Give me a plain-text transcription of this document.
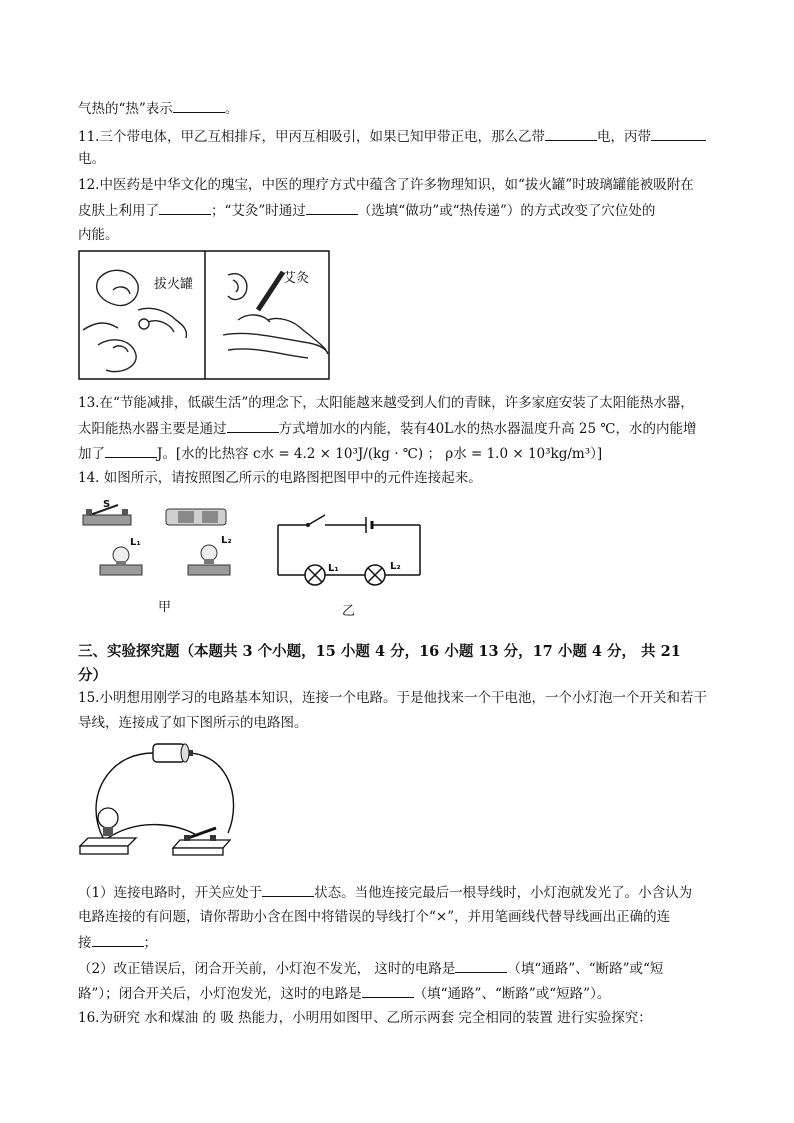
气热的“热”表示	。
11.三个带电体，甲乙互相排斥，甲丙互相吸引，如果已知甲带正电，那么乙带	电，丙带
电。
12.中医药是中华文化的瑰宝，中医的理疗方式中蕴含了许多物理知识，如“拔火罐”时玻璃罐能被吸附在
皮肤上利用了	；“艾灸”时通过	（选填“做功”或“热传递”）的方式改变了穴位处的
内能。
拔火罐	艾灸
13.在“节能减排，低碳生活”的理念下，太阳能越来越受到人们的青睐，许多家庭安装了太阳能热水器，
太阳能热水器主要是通过	方式增加水的内能，装有40L水的热水器温度升高 25 ℃，水的内能增
加了	J。[水的比热容 c水 = 4.2 × 10³J/(kg · ℃) ； ρ水 = 1.0 × 10³kg/m³）]
14. 如图所示，请按照图乙所示的电路图把图甲中的元件连接起来。
S
L₁	L₂
甲
L₁	L₂
乙
三、实验探究题（本题共 3 个小题，15 小题 4 分，16 小题 13 分，17 小题 4 分， 共 21
分）
15.小明想用刚学习的电路基本知识，连接一个电路。于是他找来一个干电池，一个小灯泡一个开关和若干
导线，连接成了如下图所示的电路图。
（1）连接电路时，开关应处于	状态。当他连接完最后一根导线时，小灯泡就发光了。小含认为
电路连接的有问题，请你帮助小含在图中将错误的导线打个“×”，并用笔画线代替导线画出正确的连
接	；
（2）改正错误后，闭合开关前，小灯泡不发光， 这时的电路是	（填“通路”、“断路”或“短
路”）；闭合开关后，小灯泡发光，这时的电路是	（填“通路”、“断路”或“短路”）。
16.为研究 水和煤油 的 吸 热能力，小明用如图甲、乙所示两套 完全相同的装置 进行实验探究：
